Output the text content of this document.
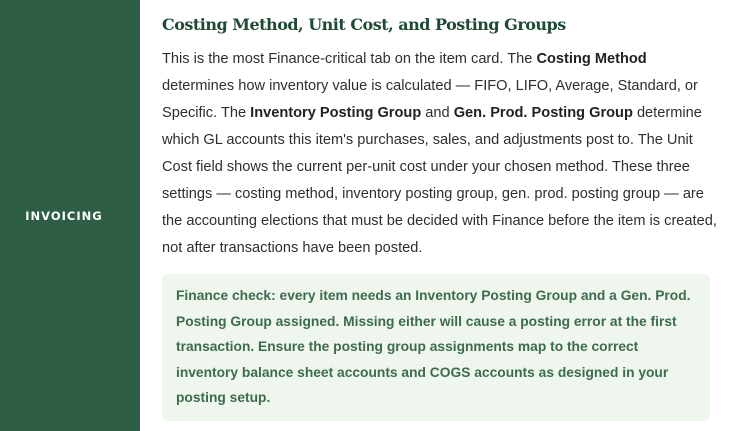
INVOICING
Costing Method, Unit Cost, and Posting Groups

This is the most Finance-critical tab on the item card. The Costing Method determines how inventory value is calculated — FIFO, LIFO, Average, Standard, or Specific. The Inventory Posting Group and Gen. Prod. Posting Group determine which GL accounts this item's purchases, sales, and adjustments post to. The Unit Cost field shows the current per-unit cost under your chosen method. These three settings — costing method, inventory posting group, gen. prod. posting group — are the accounting elections that must be decided with Finance before the item is created, not after transactions have been posted.

Finance check: every item needs an Inventory Posting Group and a Gen. Prod. Posting Group assigned. Missing either will cause a posting error at the first transaction. Ensure the posting group assignments map to the correct inventory balance sheet accounts and COGS accounts as designed in your posting setup.
